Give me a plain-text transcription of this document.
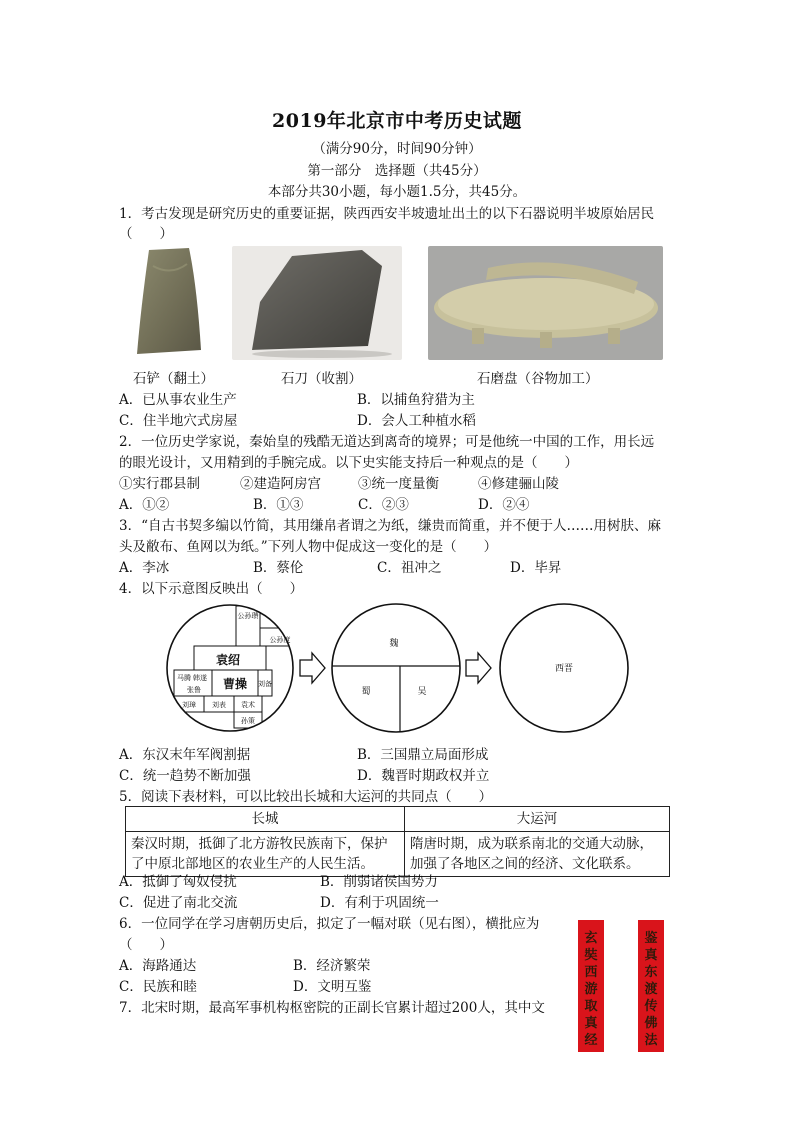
2019年北京市中考历史试题
（满分90分，时间90分钟）
第一部分　选择题（共45分）
本部分共30小题，每小题1.5分，共45分。
1．考古发现是研究历史的重要证据，陕西西安半坡遗址出土的以下石器说明半坡原始居民
（　　）
石铲（翻土）	石刀（收割）	石磨盘（谷物加工）
A．已从事农业生产	B．以捕鱼狩猎为主
C．住半地穴式房屋	D．会人工种植水稻
2．一位历史学家说，秦始皇的残酷无道达到离奇的境界；可是他统一中国的工作，用长远
的眼光设计，又用精到的手腕完成。以下史实能支持后一种观点的是（　　）
①实行郡县制	②建造阿房宫	③统一度量衡	④修建骊山陵
A．①②	B．①③	C．②③	D．②④
3．“自古书契多编以竹简，其用缣帛者谓之为纸，缣贵而简重，并不便于人……用树肤、麻
头及敝布、鱼网以为纸。”下列人物中促成这一变化的是（　　）
A．李冰	B．蔡伦	C．祖冲之	D．毕昇
4．以下示意图反映出（　　）
公孙瓒
公孙度
袁绍
马腾 韩遂
张鲁 曹操 刘备
刘璋 刘表 袁术
孙策
魏
蜀	吴
西晋
A．东汉末年军阀割据	B．三国鼎立局面形成
C．统一趋势不断加强	D．魏晋时期政权并立
5．阅读下表材料，可以比较出长城和大运河的共同点（　　）
长城	大运河
秦汉时期，抵御了北方游牧民族南下，保护
了中原北部地区的农业生产的人民生活。	隋唐时期，成为联系南北的交通大动脉，
加强了各地区之间的经济、文化联系。
A．抵御了匈奴侵扰	B．削弱诸侯国势力
C．促进了南北交流	D．有利于巩固统一
6．一位同学在学习唐朝历史后，拟定了一幅对联（见右图），横批应为
（　　）
A．海路通达	B．经济繁荣
C．民族和睦	D．文明互鉴
玄
奘
西
游
取
真
经
鉴
真
东
渡
传
佛
法
7．北宋时期，最高军事机构枢密院的正副长官累计超过200人，其中文
